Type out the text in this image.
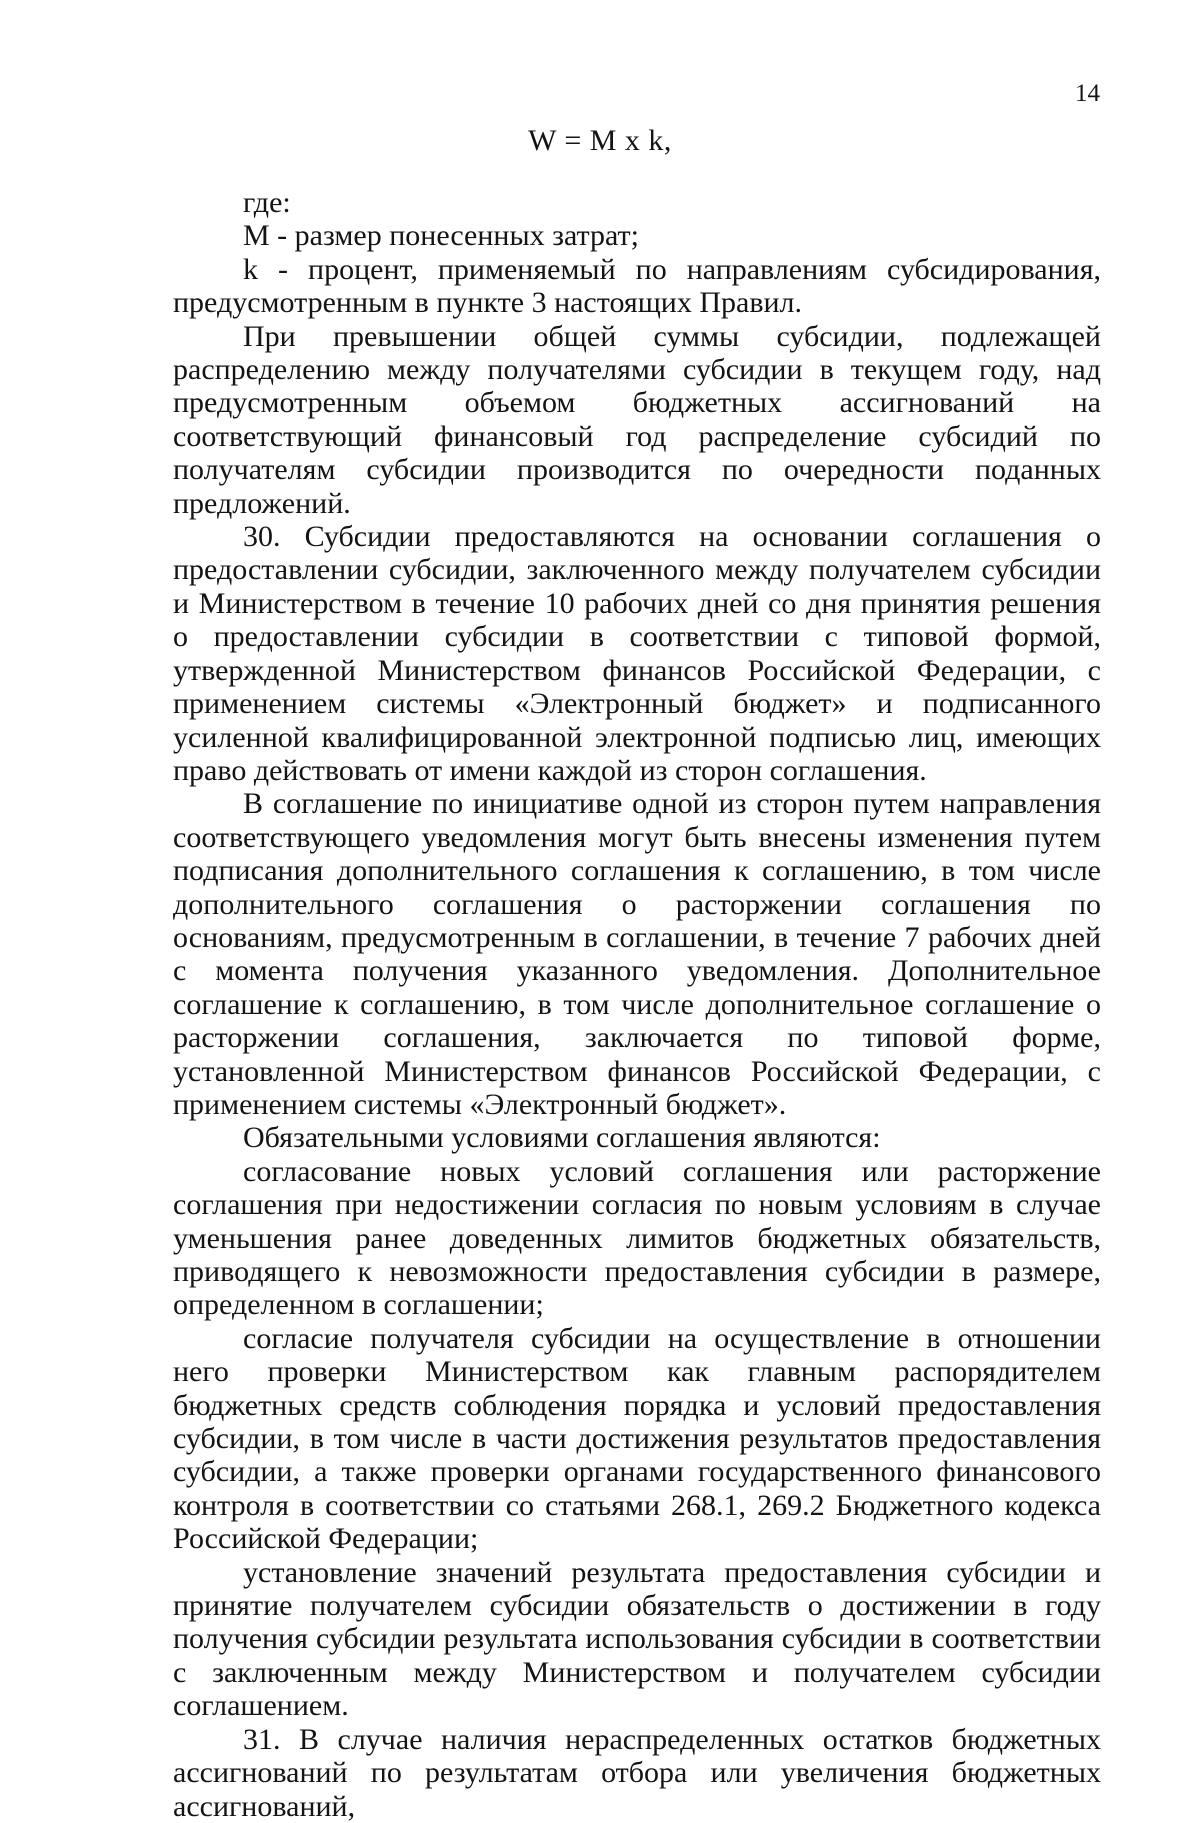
14
W = M x k,

где:

M - размер понесенных затрат;

k - процент, применяемый по направлениям субсидирования, предусмотренным в пункте 3 настоящих Правил.

При превышении общей суммы субсидии, подлежащей распределению между получателями субсидии в текущем году, над предусмотренным объемом бюджетных ассигнований на соответствующий финансовый год распределение субсидий по получателям субсидии производится по очередности поданных предложений.

30. Субсидии предоставляются на основании соглашения о предоставлении субсидии, заключенного между получателем субсидии и Министерством в течение 10 рабочих дней со дня принятия решения о предоставлении субсидии в соответствии с типовой формой, утвержденной Министерством финансов Российской Федерации, с применением системы «Электронный бюджет» и подписанного усиленной квалифицированной электронной подписью лиц, имеющих право действовать от имени каждой из сторон соглашения.

В соглашение по инициативе одной из сторон путем направления соответствующего уведомления могут быть внесены изменения путем подписания дополнительного соглашения к соглашению, в том числе дополнительного соглашения о расторжении соглашения по основаниям, предусмотренным в соглашении, в течение 7 рабочих дней с момента получения указанного уведомления. Дополнительное соглашение к соглашению, в том числе дополнительное соглашение о расторжении соглашения, заключается по типовой форме, установленной Министерством финансов Российской Федерации, с применением системы «Электронный бюджет».

Обязательными условиями соглашения являются:

согласование новых условий соглашения или расторжение соглашения при недостижении согласия по новым условиям в случае уменьшения ранее доведенных лимитов бюджетных обязательств, приводящего к невозможности предоставления субсидии в размере, определенном в соглашении;

согласие получателя субсидии на осуществление в отношении него проверки Министерством как главным распорядителем бюджетных средств соблюдения порядка и условий предоставления субсидии, в том числе в части достижения результатов предоставления субсидии, а также проверки органами государственного финансового контроля в соответствии со статьями 268.1, 269.2 Бюджетного кодекса Российской Федерации;

установление значений результата предоставления субсидии и принятие получателем субсидии обязательств о достижении в году получения субсидии результата использования субсидии в соответствии с заключенным между Министерством и получателем субсидии соглашением.

31. В случае наличия нераспределенных остатков бюджетных ассигнований по результатам отбора или увеличения бюджетных ассигнований,
